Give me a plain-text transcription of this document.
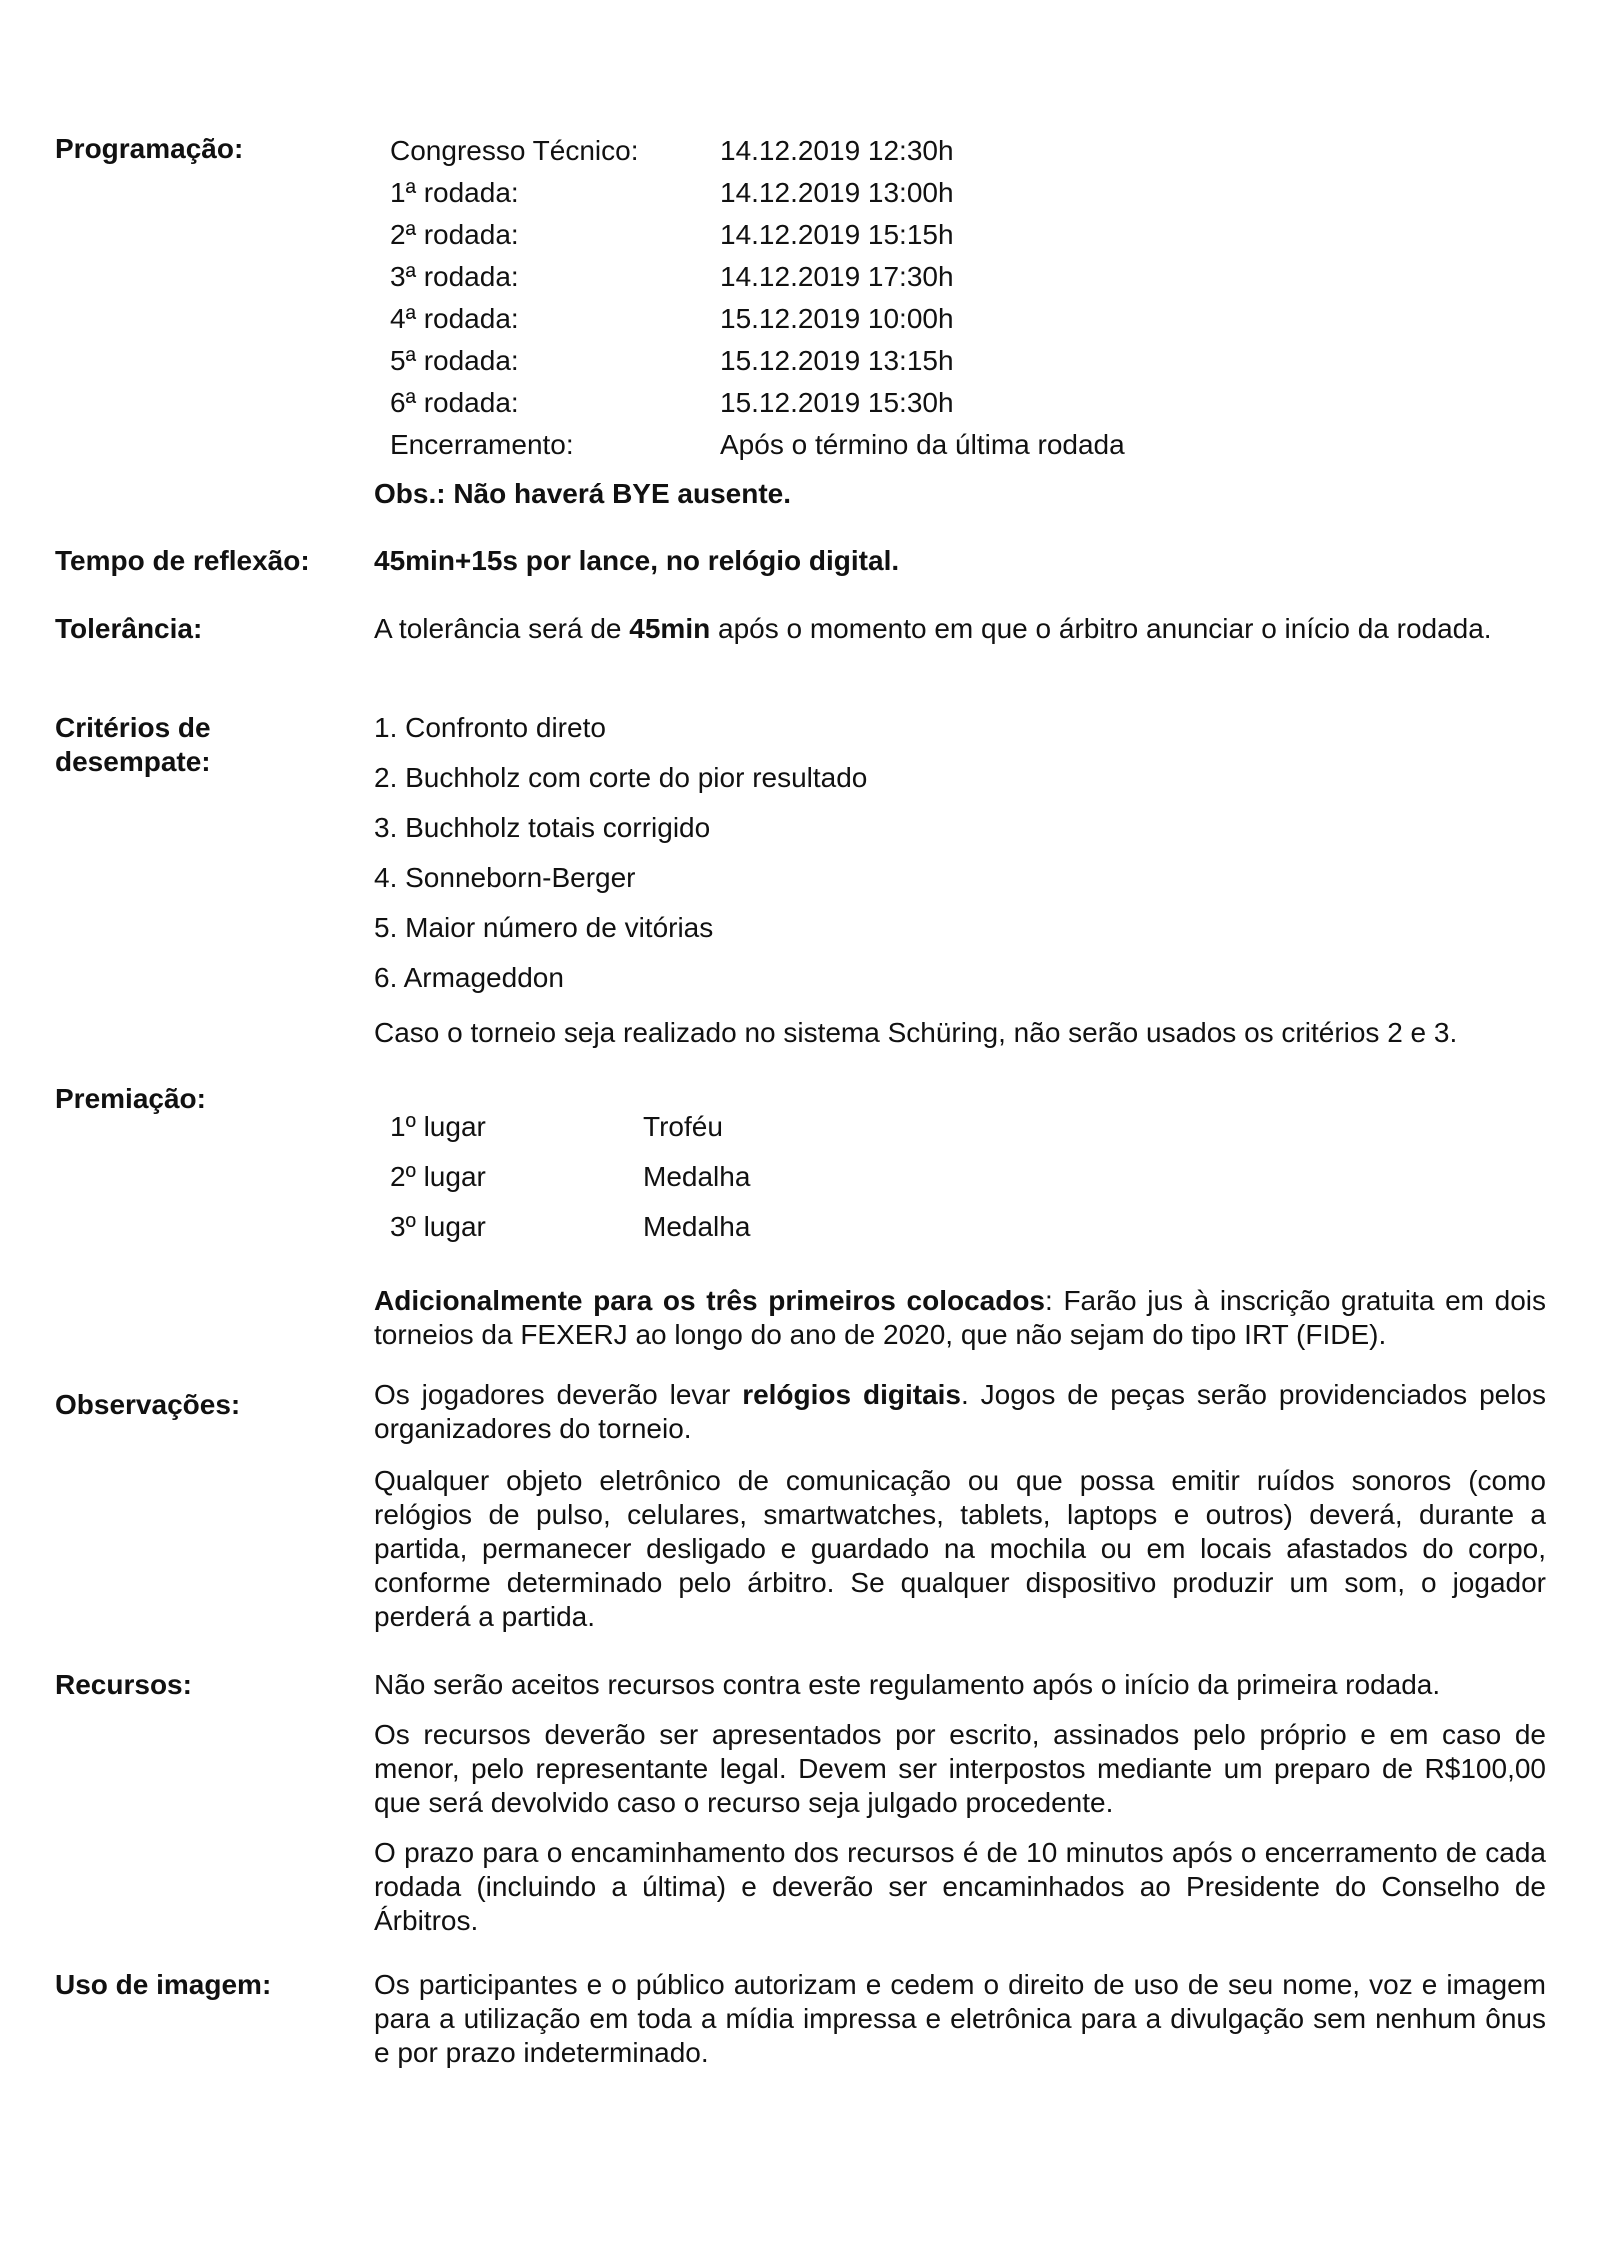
Programação:	Congresso Técnico:	14.12.2019 12:30h
1ª rodada:	14.12.2019 13:00h
2ª rodada:	14.12.2019 15:15h
3ª rodada:	14.12.2019 17:30h
4ª rodada:	15.12.2019 10:00h
5ª rodada:	15.12.2019 13:15h
6ª rodada:	15.12.2019 15:30h
Encerramento:	Após o término da última rodada
Obs.: Não haverá BYE ausente.
Tempo de reflexão:	45min+15s por lance, no relógio digital.
Tolerância:	A tolerância será de 45min após o momento em que o árbitro anunciar o início da rodada.
Critérios de
desempate:
1. Confronto direto
2. Buchholz com corte do pior resultado
3. Buchholz totais corrigido
4. Sonneborn-Berger
5. Maior número de vitórias
6. Armageddon
Caso o torneio seja realizado no sistema Schüring, não serão usados os critérios 2 e 3.
Premiação:
1º lugar	Troféu
2º lugar	Medalha
3º lugar	Medalha
Adicionalmente para os três primeiros colocados: Farão jus à inscrição gratuita em dois torneios da FEXERJ ao longo do ano de 2020, que não sejam do tipo IRT (FIDE).
Observações:	Os jogadores deverão levar relógios digitais. Jogos de peças serão providenciados pelos organizadores do torneio.
Qualquer objeto eletrônico de comunicação ou que possa emitir ruídos sonoros (como relógios de pulso, celulares, smartwatches, tablets, laptops e outros) deverá, durante a partida, permanecer desligado e guardado na mochila ou em locais afastados do corpo, conforme determinado pelo árbitro. Se qualquer dispositivo produzir um som, o jogador perderá a partida.
Recursos:	Não serão aceitos recursos contra este regulamento após o início da primeira rodada.
Os recursos deverão ser apresentados por escrito, assinados pelo próprio e em caso de menor, pelo representante legal. Devem ser interpostos mediante um preparo de R$100,00 que será devolvido caso o recurso seja julgado procedente.
O prazo para o encaminhamento dos recursos é de 10 minutos após o encerramento de cada rodada (incluindo a última) e deverão ser encaminhados ao Presidente do Conselho de Árbitros.
Uso de imagem:	Os participantes e o público autorizam e cedem o direito de uso de seu nome, voz e imagem para a utilização em toda a mídia impressa e eletrônica para a divulgação sem nenhum ônus e por prazo indeterminado.
